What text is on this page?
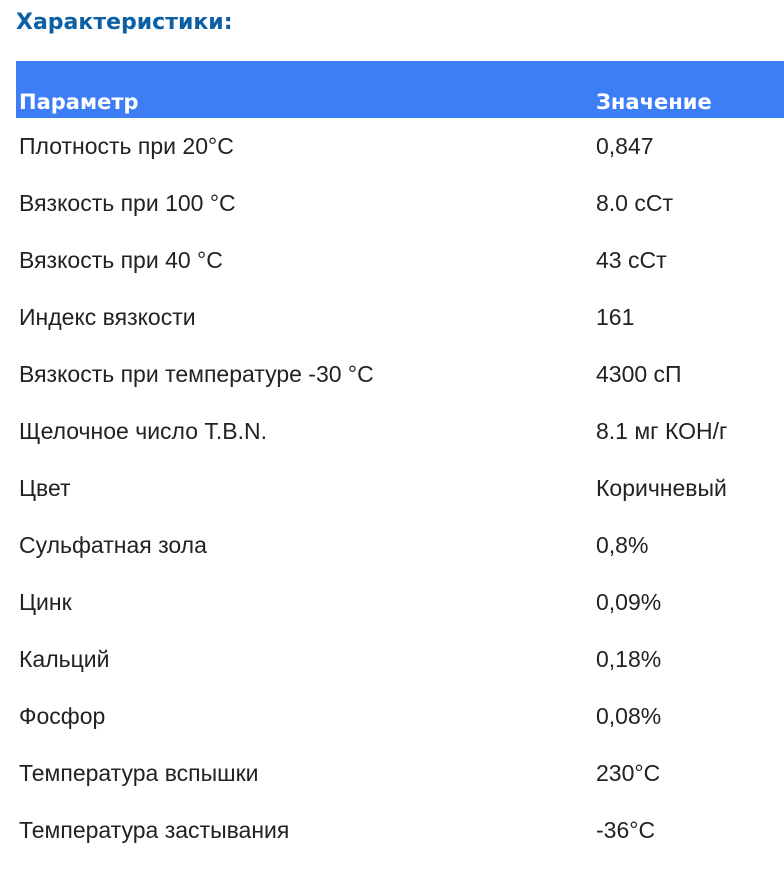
Характеристики:
Параметр	Значение
Плотность при 20°С	0,847
Вязкость при 100 °С	8.0 сСт
Вязкость при 40 °С	43 сСт
Индекс вязкости	161
Вязкость при температуре -30 °С	4300 сП
Щелочное число T.B.N.	8.1 мг КОН/г
Цвет	Коричневый
Сульфатная зола	0,8%
Цинк	0,09%
Кальций	0,18%
Фосфор	0,08%
Температура вспышки	230°С
Температура застывания	-36°С
